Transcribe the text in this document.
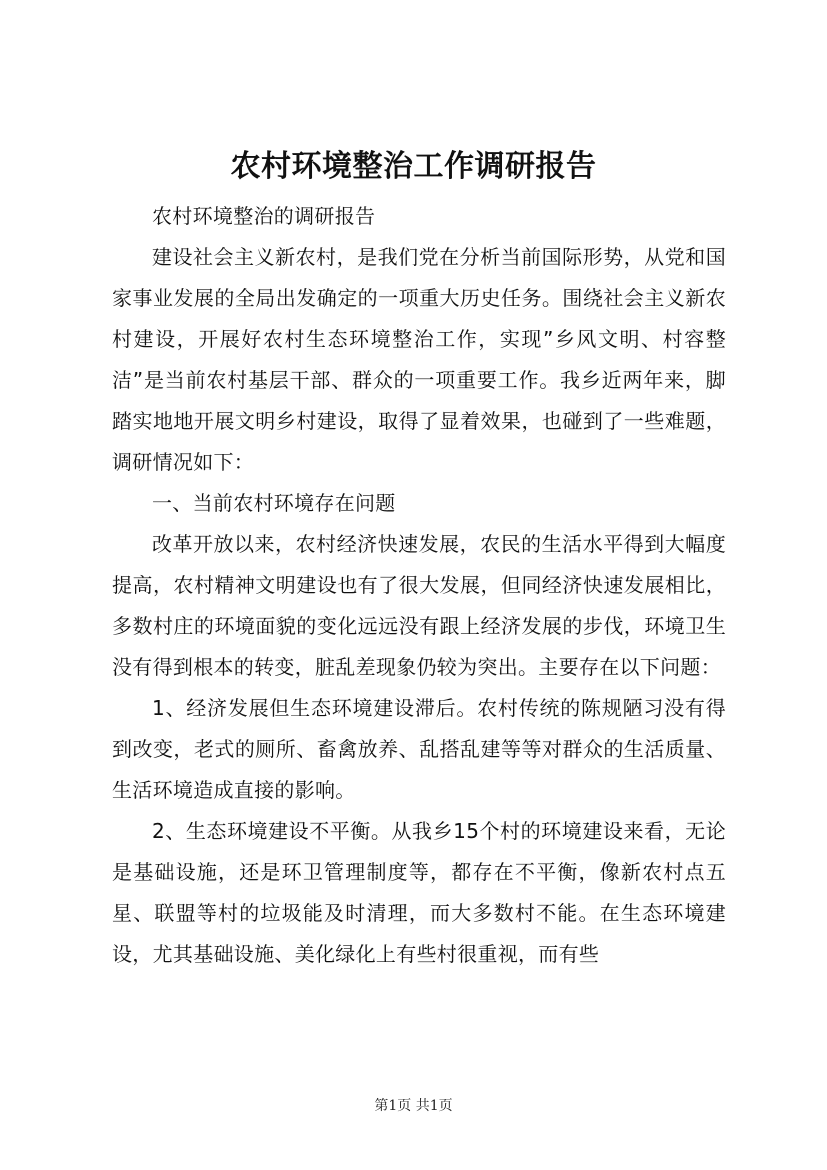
农村环境整治工作调研报告

农村环境整治的调研报告

建设社会主义新农村，是我们党在分析当前国际形势，从党和国家事业发展的全局出发确定的一项重大历史任务。围绕社会主义新农村建设，开展好农村生态环境整治工作，实现”乡风文明、村容整洁”是当前农村基层干部、群众的一项重要工作。我乡近两年来，脚踏实地地开展文明乡村建设，取得了显着效果，也碰到了一些难题，调研情况如下：

一、当前农村环境存在问题

改革开放以来，农村经济快速发展，农民的生活水平得到大幅度提高，农村精神文明建设也有了很大发展，但同经济快速发展相比，多数村庄的环境面貌的变化远远没有跟上经济发展的步伐，环境卫生没有得到根本的转变，脏乱差现象仍较为突出。主要存在以下问题：

1、经济发展但生态环境建设滞后。农村传统的陈规陋习没有得到改变，老式的厕所、畜禽放养、乱搭乱建等等对群众的生活质量、生活环境造成直接的影响。

2、生态环境建设不平衡。从我乡15个村的环境建设来看，无论是基础设施，还是环卫管理制度等，都存在不平衡，像新农村点五星、联盟等村的垃圾能及时清理，而大多数村不能。在生态环境建设，尤其基础设施、美化绿化上有些村很重视，而有些

第1页 共1页
